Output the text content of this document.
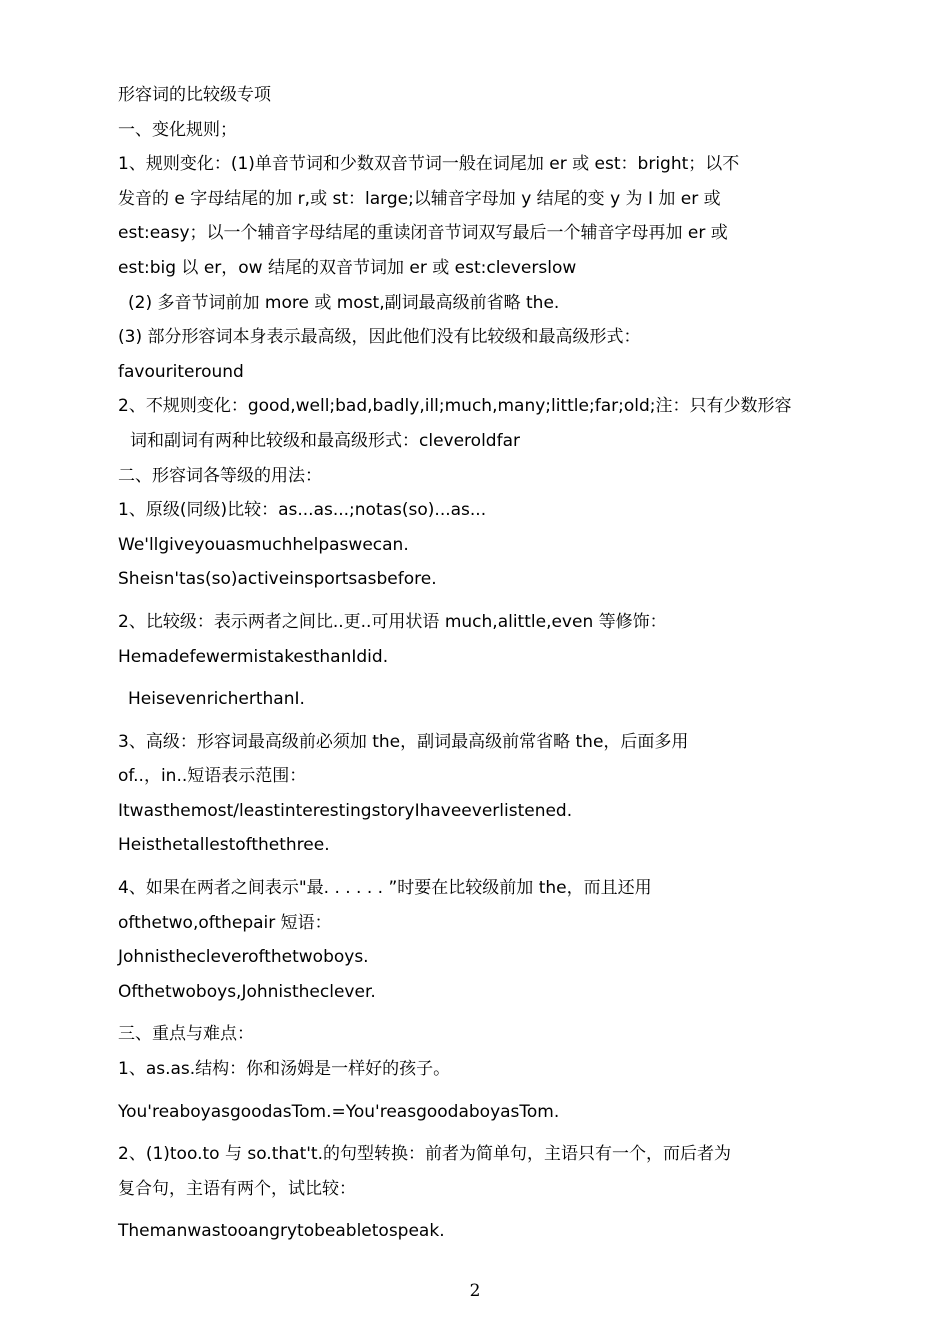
形容词的比较级专项
一、变化规则；
1、规则变化：(1)单音节词和少数双音节词一般在词尾加 er 或 est：bright；以不
发音的 e 字母结尾的加 r,或 st：large;以辅音字母加 y 结尾的变 y 为 I 加 er 或
est:easy；以一个辅音字母结尾的重读闭音节词双写最后一个辅音字母再加 er 或
est:big 以 er，ow 结尾的双音节词加 er 或 est:cleverslow
(2) 多音节词前加 more 或 most,副词最高级前省略 the.
(3) 部分形容词本身表示最高级，因此他们没有比较级和最高级形式：
favouriteround
2、不规则变化：good,well;bad,badly,ill;much,many;little;far;old;注：只有少数形容
词和副词有两种比较级和最高级形式：cleveroldfar
二、形容词各等级的用法：
1、原级(同级)比较：as...as...;notas(so)...as...
We'llgiveyouasmuchhelpaswecan.
Sheisn'tas(so)activeinsportsasbefore.
2、比较级：表示两者之间比..更..可用状语 much,alittle,even 等修饰：
HemadefewermistakesthanIdid.
HeisevenricherthanI.
3、高级：形容词最高级前必须加 the，副词最高级前常省略 the，后面多用
of..，in..短语表示范围：
Itwasthemost/leastinterestingstoryIhaveeverlistened.
Heisthetallestofthethree.
4、如果在两者之间表示"最. . . . . . ”时要在比较级前加 the，而且还用
ofthetwo,ofthepair 短语：
Johnisthecleverofthetwoboys.
Ofthetwoboys,Johnistheclever.
三、重点与难点：
1、as.as.结构：你和汤姆是一样好的孩子。
You'reaboyasgoodasTom.=You'reasgoodaboyasTom.
2、(1)too.to 与 so.that't.的句型转换：前者为简单句，主语只有一个，而后者为
复合句，主语有两个，试比较：
Themanwastooangrytobeabletospeak.
2
